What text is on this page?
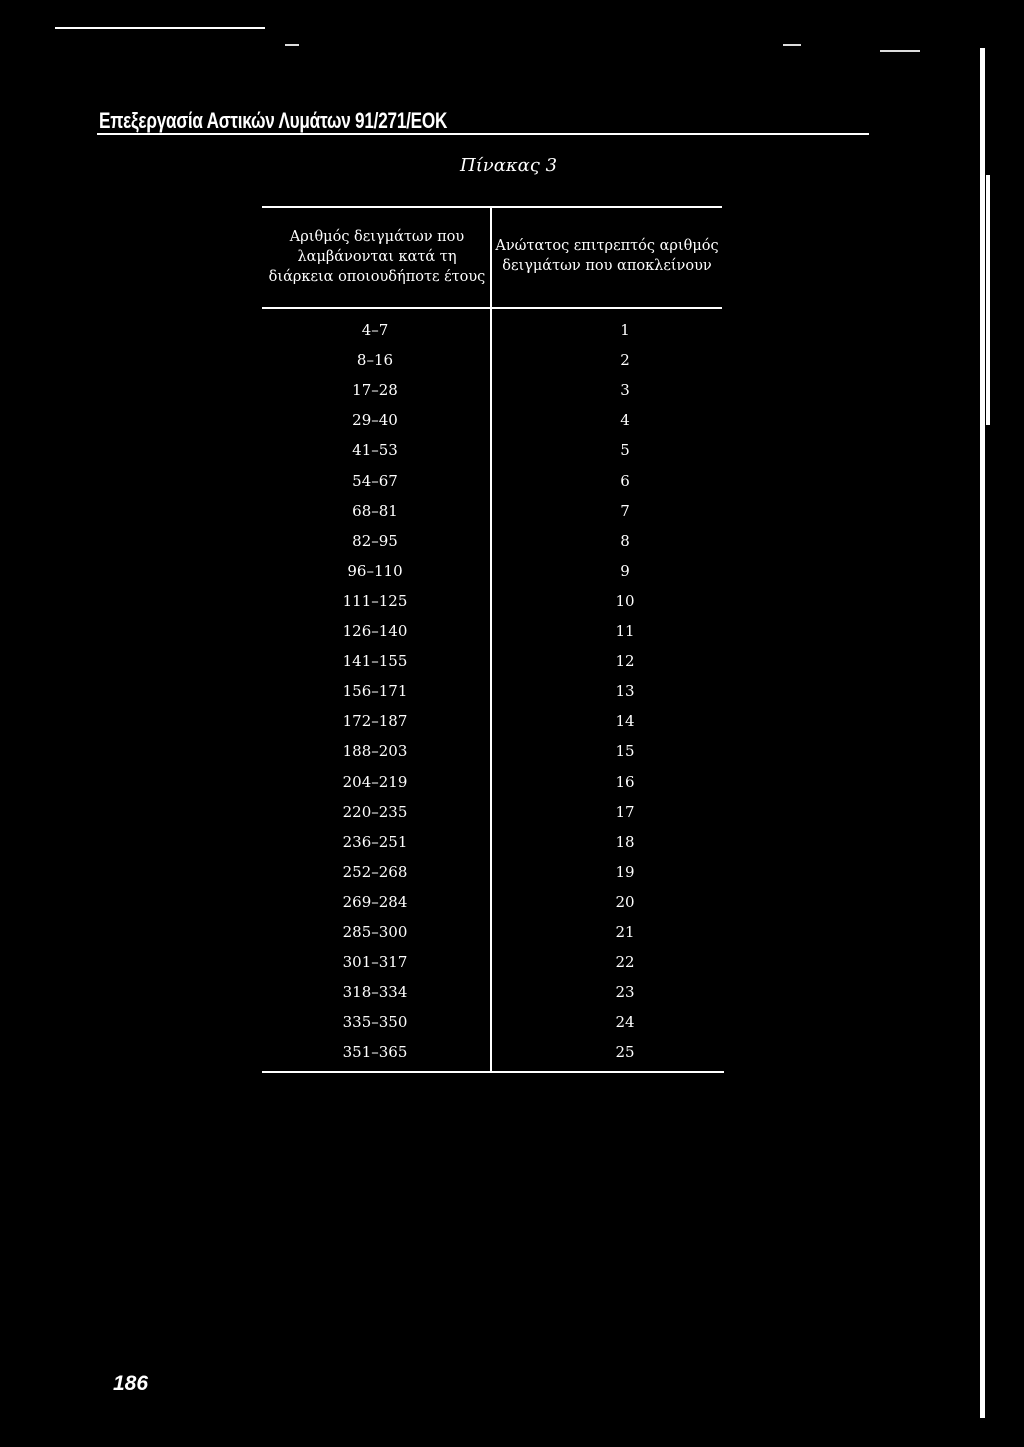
Επεξεργασία Αστικών Λυμάτων 91/271/ΕΟΚ
Πίνακας 3
Αριθμός δειγμάτων που λαμβάνονται κατά τη διάρκεια οποιουδήποτε έτους
Ανώτατος επιτρεπτός αριθμός δειγμάτων που αποκλείνουν
4–7	1
8–16	2
17–28	3
29–40	4
41–53	5
54–67	6
68–81	7
82–95	8
96–110	9
111–125	10
126–140	11
141–155	12
156–171	13
172–187	14
188–203	15
204–219	16
220–235	17
236–251	18
252–268	19
269–284	20
285–300	21
301–317	22
318–334	23
335–350	24
351–365	25
186
